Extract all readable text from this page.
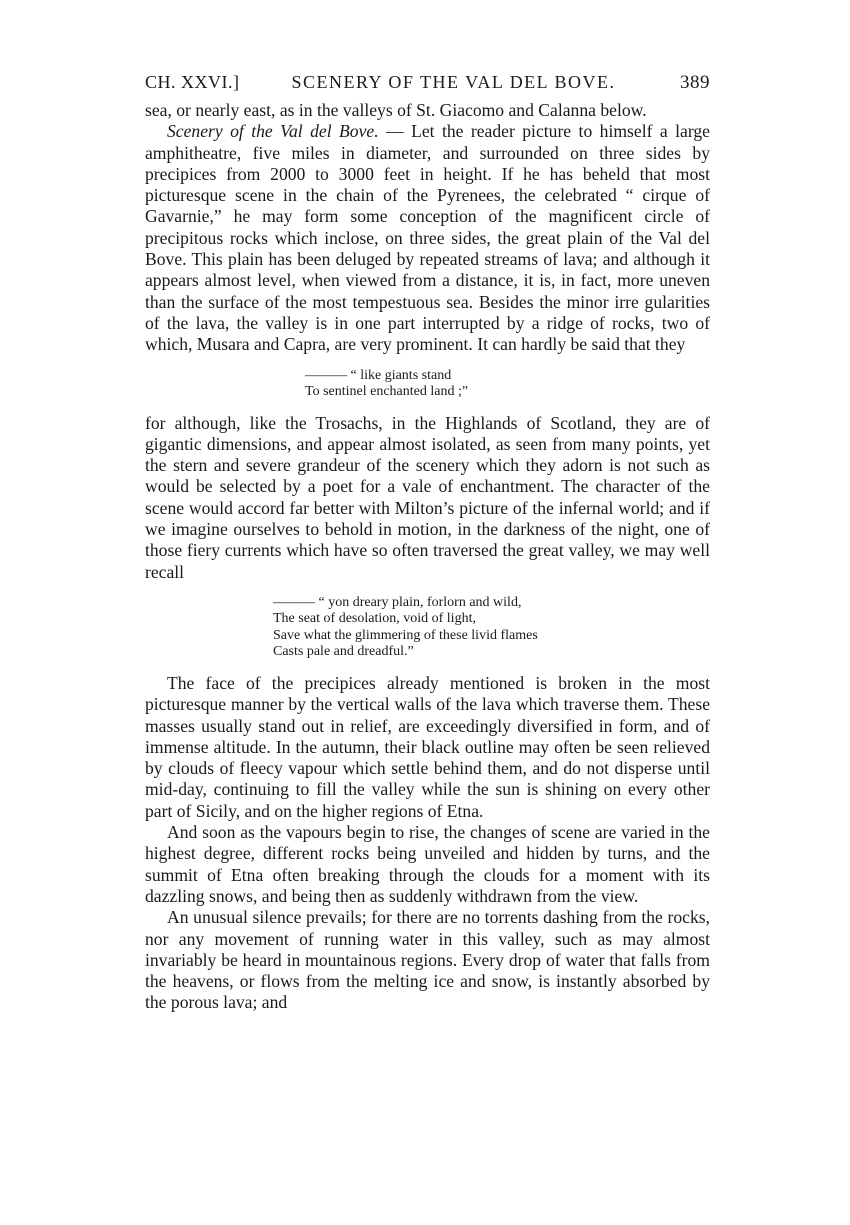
CH. XXVI.]	SCENERY OF THE VAL DEL BOVE.	389

sea, or nearly east, as in the valleys of St. Giacomo and Calanna below.

Scenery of the Val del Bove. — Let the reader picture to himself a large amphitheatre, five miles in diameter, and surrounded on three sides by precipices from 2000 to 3000 feet in height. If he has beheld that most picturesque scene in the chain of the Pyrenees, the celebrated “ cirque of Gavarnie,” he may form some conception of the magnificent circle of precipitous rocks which inclose, on three sides, the great plain of the Val del Bove. This plain has been deluged by repeated streams of lava; and although it appears almost level, when viewed from a distance, it is, in fact, more uneven than the surface of the most tempestuous sea. Besides the minor irre gularities of the lava, the valley is in one part interrupted by a ridge of rocks, two of which, Musara and Capra, are very prominent. It can hardly be said that they

——— “ like giants stand
To sentinel enchanted land ;”

for although, like the Trosachs, in the Highlands of Scotland, they are of gigantic dimensions, and appear almost isolated, as seen from many points, yet the stern and severe grandeur of the scenery which they adorn is not such as would be selected by a poet for a vale of enchantment. The character of the scene would accord far better with Milton’s picture of the infernal world; and if we imagine ourselves to behold in motion, in the darkness of the night, one of those fiery currents which have so often traversed the great valley, we may well recall

——— “ yon dreary plain, forlorn and wild,
The seat of desolation, void of light,
Save what the glimmering of these livid flames
Casts pale and dreadful.”

The face of the precipices already mentioned is broken in the most picturesque manner by the vertical walls of the lava which traverse them. These masses usually stand out in relief, are exceedingly diversified in form, and of immense altitude. In the autumn, their black outline may often be seen relieved by clouds of fleecy vapour which settle behind them, and do not disperse until mid-day, continuing to fill the valley while the sun is shining on every other part of Sicily, and on the higher regions of Etna.

And soon as the vapours begin to rise, the changes of scene are varied in the highest degree, different rocks being unveiled and hidden by turns, and the summit of Etna often breaking through the clouds for a moment with its dazzling snows, and being then as suddenly withdrawn from the view.

An unusual silence prevails; for there are no torrents dashing from the rocks, nor any movement of running water in this valley, such as may almost invariably be heard in mountainous regions. Every drop of water that falls from the heavens, or flows from the melting ice and snow, is instantly absorbed by the porous lava; and
